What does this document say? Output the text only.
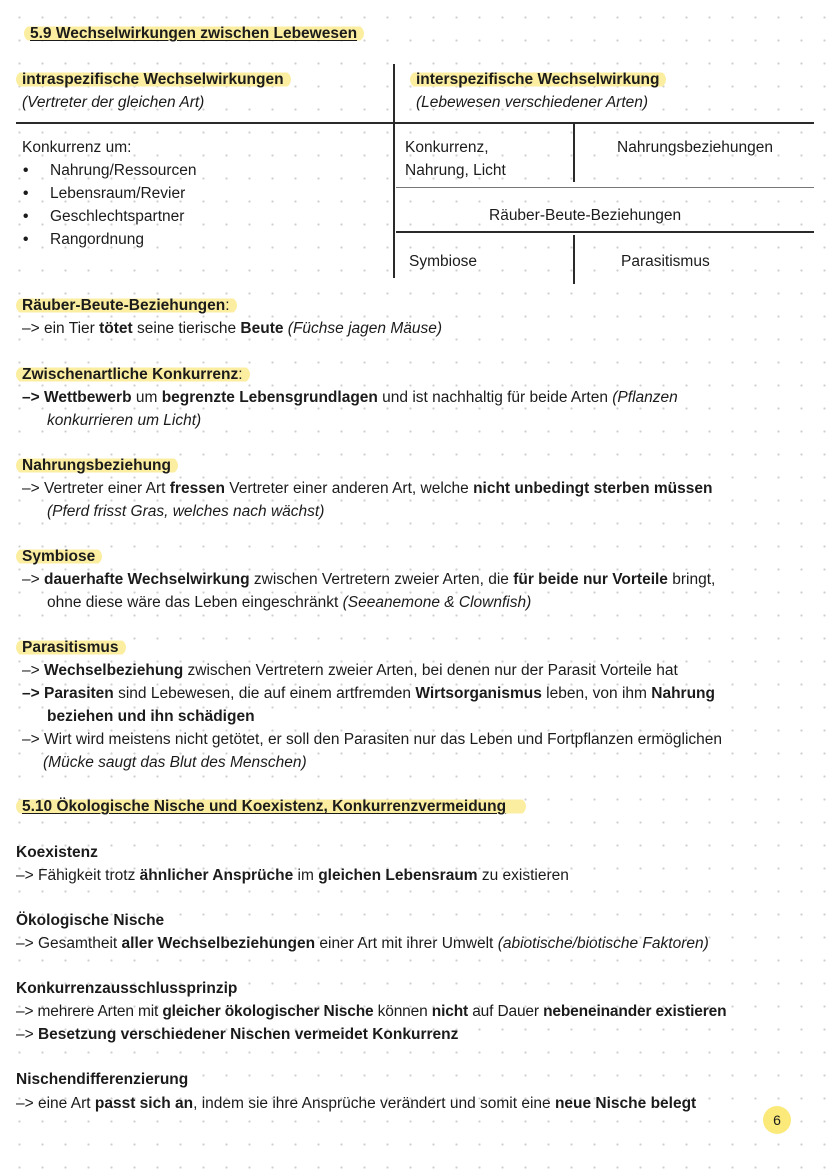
5.9 Wechselwirkungen zwischen Lebewesen
intraspezifische Wechselwirkungen
(Vertreter der gleichen Art)
interspezifische Wechselwirkung
(Lebewesen verschiedener Arten)
Konkurrenz um:
• Nahrung/Ressourcen
• Lebensraum/Revier
• Geschlechtspartner
• Rangordnung
Konkurrenz,
Nahrung, Licht
Nahrungsbeziehungen
Räuber-Beute-Beziehungen
Symbiose	Parasitismus
Räuber-Beute-Beziehungen:
–> ein Tier tötet seine tierische Beute (Füchse jagen Mäuse)
Zwischenartliche Konkurrenz:
–> Wettbewerb um begrenzte Lebensgrundlagen und ist nachhaltig für beide Arten (Pflanzen
konkurrieren um Licht)
Nahrungsbeziehung
–> Vertreter einer Art fressen Vertreter einer anderen Art, welche nicht unbedingt sterben müssen
(Pferd frisst Gras, welches nach wächst)
Symbiose
–> dauerhafte Wechselwirkung zwischen Vertretern zweier Arten, die für beide nur Vorteile bringt,
ohne diese wäre das Leben eingeschränkt (Seeanemone & Clownfish)
Parasitismus
–> Wechselbeziehung zwischen Vertretern zweier Arten, bei denen nur der Parasit Vorteile hat
–> Parasiten sind Lebewesen, die auf einem artfremden Wirtsorganismus leben, von ihm Nahrung
beziehen und ihn schädigen
–> Wirt wird meistens nicht getötet, er soll den Parasiten nur das Leben und Fortpflanzen ermöglichen
(Mücke saugt das Blut des Menschen)
5.10 Ökologische Nische und Koexistenz, Konkurrenzvermeidung
Koexistenz
–> Fähigkeit trotz ähnlicher Ansprüche im gleichen Lebensraum zu existieren
Ökologische Nische
–> Gesamtheit aller Wechselbeziehungen einer Art mit ihrer Umwelt (abiotische/biotische Faktoren)
Konkurrenzausschlussprinzip
–> mehrere Arten mit gleicher ökologischer Nische können nicht auf Dauer nebeneinander existieren
–> Besetzung verschiedener Nischen vermeidet Konkurrenz
Nischendifferenzierung
–> eine Art passt sich an, indem sie ihre Ansprüche verändert und somit eine neue Nische belegt
6
